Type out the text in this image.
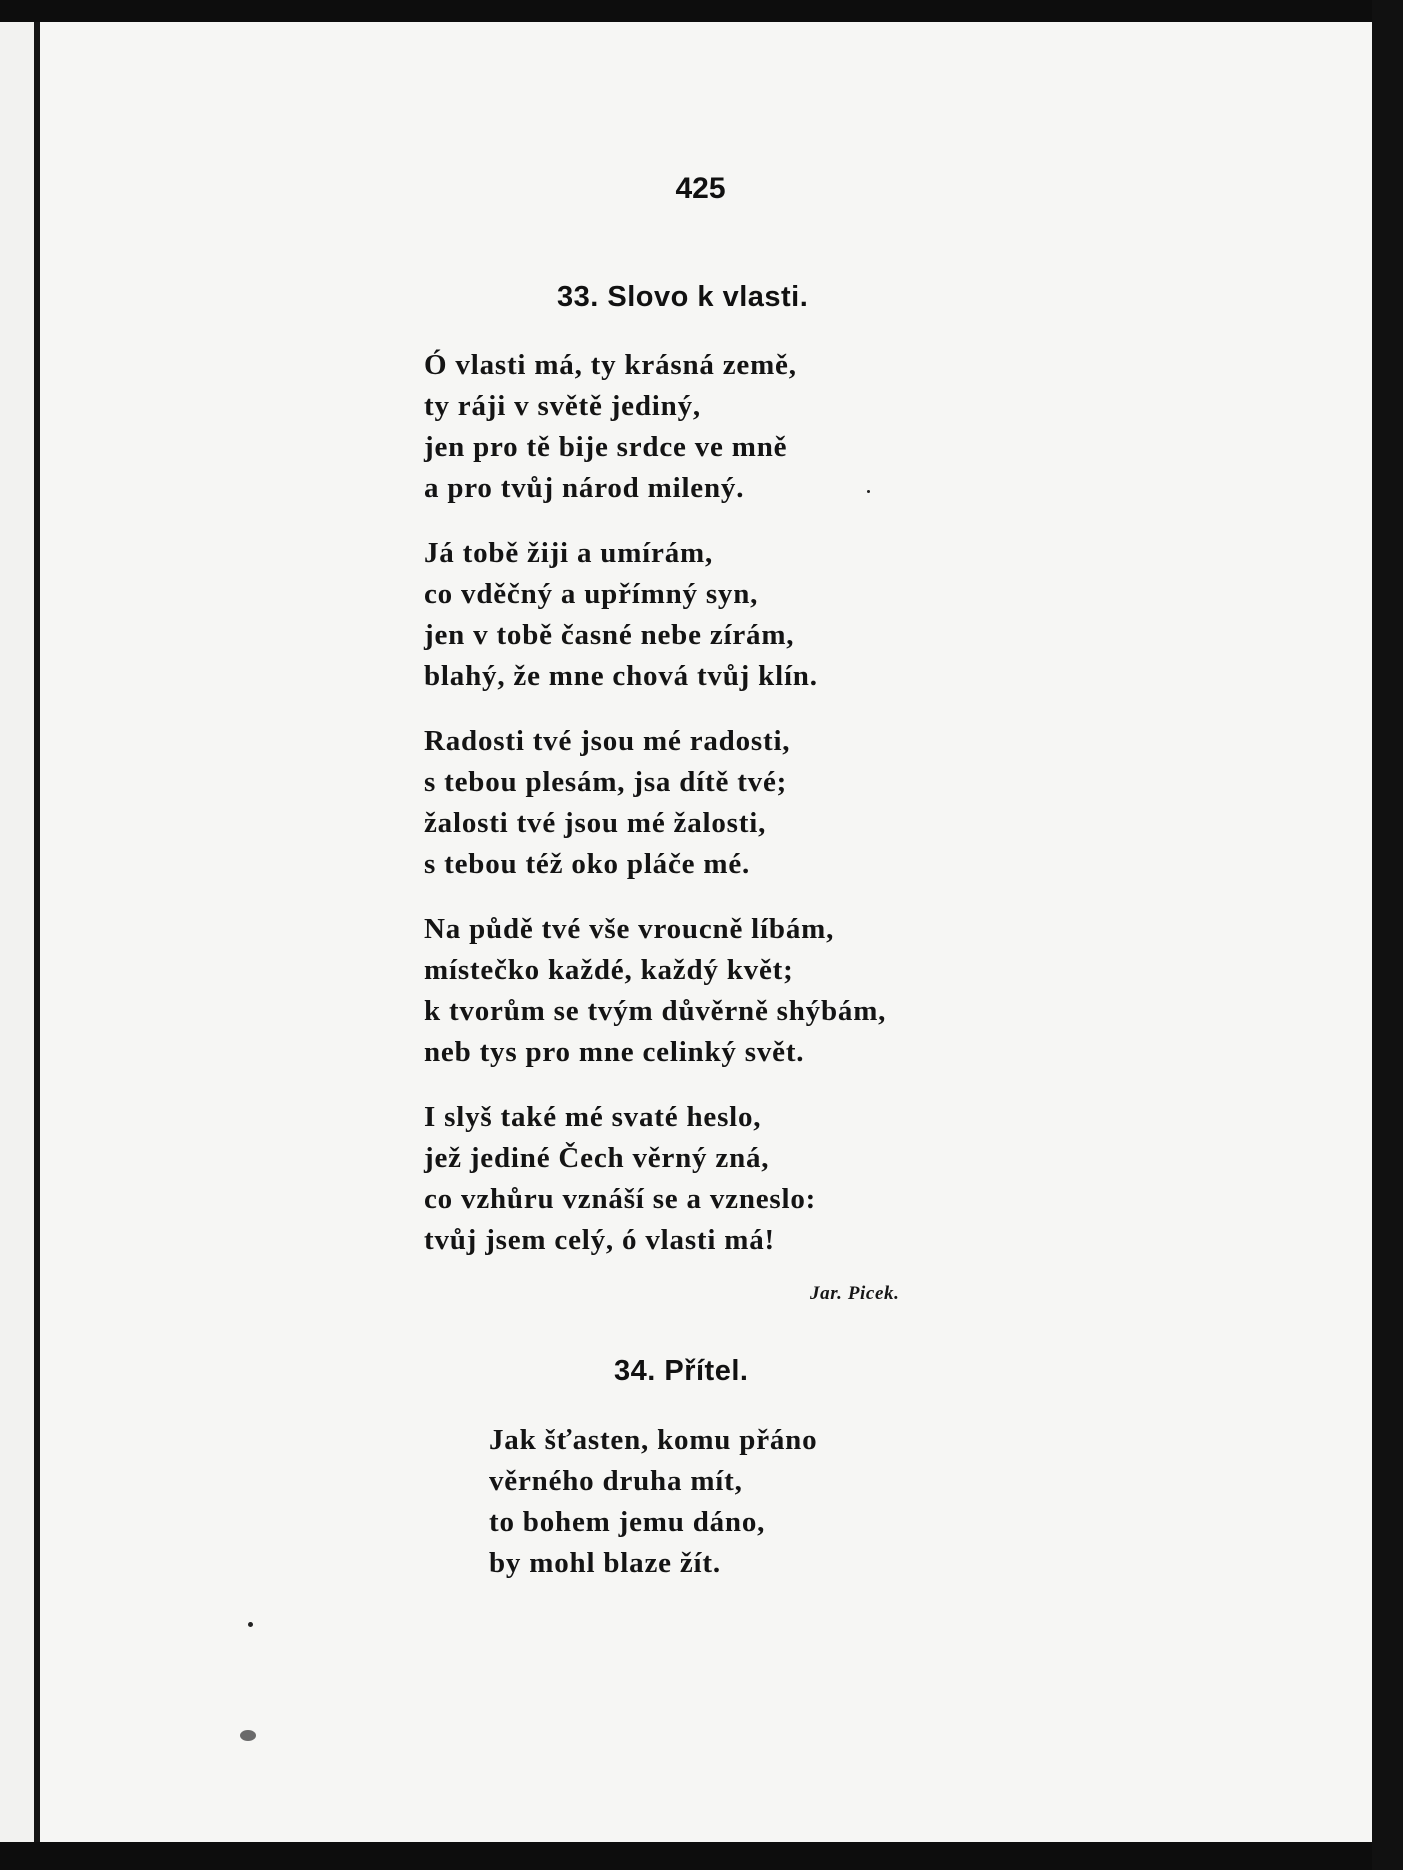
425
33. Slovo k vlasti.
Ó vlasti má, ty krásná země,
ty ráji v světě jediný,
jen pro tě bije srdce ve mně
a pro tvůj národ milený.
Já tobě žiji a umírám,
co vděčný a upřímný syn,
jen v tobě časné nebe zírám,
blahý, že mne chová tvůj klín.
Radosti tvé jsou mé radosti,
s tebou plesám, jsa dítě tvé;
žalosti tvé jsou mé žalosti,
s tebou též oko pláče mé.
Na půdě tvé vše vroucně líbám,
místečko každé, každý květ;
k tvorům se tvým důvěrně shýbám,
neb tys pro mne celinký svět.
I slyš také mé svaté heslo,
jež jediné Čech věrný zná,
co vzhůru vznáší se a vzneslo:
tvůj jsem celý, ó vlasti má!
Jar. Picek.
34. Přítel.
Jak šťasten, komu přáno
věrného druha mít,
to bohem jemu dáno,
by mohl blaze žít.
